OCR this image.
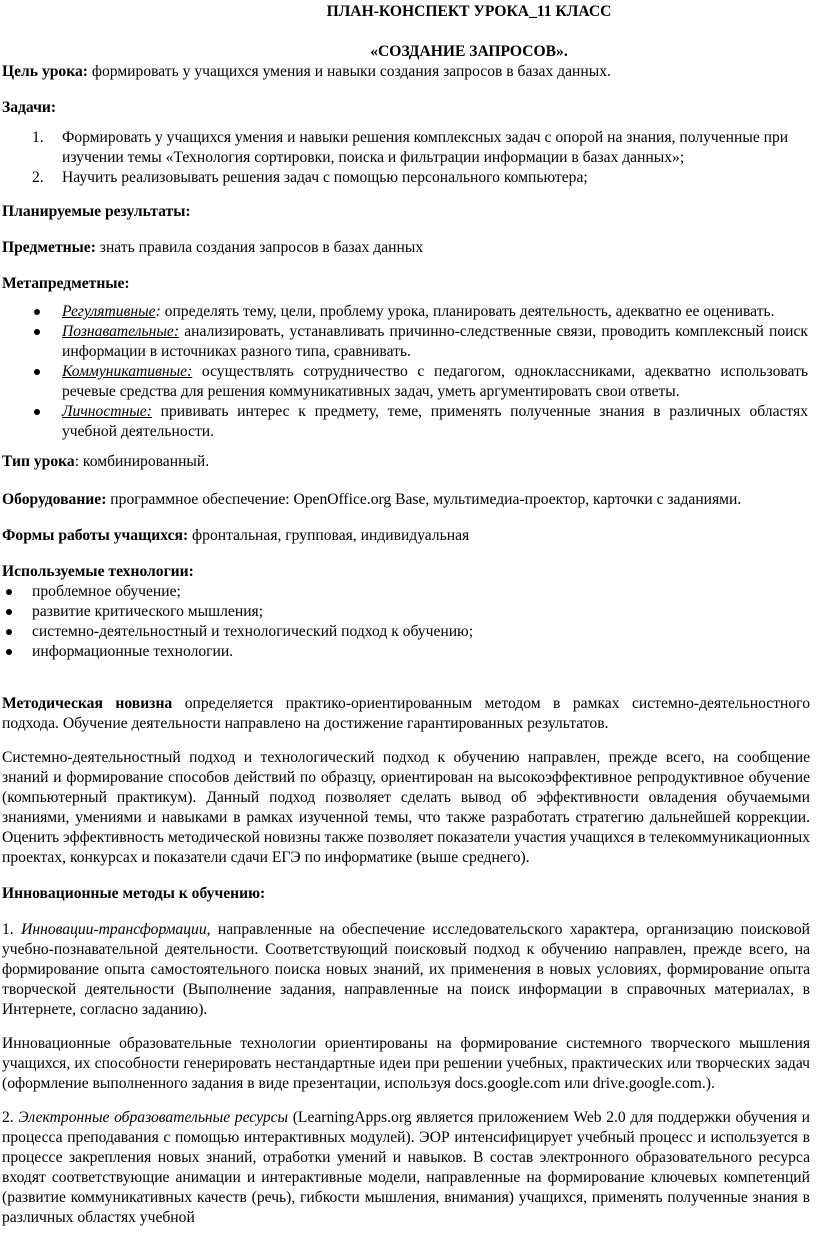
ПЛАН-КОНСПЕКТ УРОКА_11 КЛАСС

«СОЗДАНИЕ ЗАПРОСОВ».

Цель урока: формировать у учащихся умения и навыки создания запросов в базах данных.

Задачи:

1. Формировать у учащихся умения и навыки решения комплексных задач с опорой на знания, полученные при изучении темы «Технология сортировки, поиска и фильтрации информации в базах данных»;
2. Научить реализовывать решения задач с помощью персонального компьютера;

Планируемые результаты:

Предметные: знать правила создания запросов в базах данных

Метапредметные:

Регулятивные: определять тему, цели, проблему урока, планировать деятельность, адекватно ее оценивать.
Познавательные: анализировать, устанавливать причинно-следственные связи, проводить комплексный поиск информации в источниках разного типа, сравнивать.
Коммуникативные: осуществлять сотрудничество с педагогом, одноклассниками, адекватно использовать речевые средства для решения коммуникативных задач, уметь аргументировать свои ответы.
Личностные: прививать интерес к предмету, теме, применять полученные знания в различных областях учебной деятельности.

Тип урока: комбинированный.

Оборудование: программное обеспечение: OpenOffice.org Base, мультимедиа-проектор, карточки с заданиями.

Формы работы учащихся: фронтальная, групповая, индивидуальная

Используемые технологии:

проблемное обучение;
развитие критического мышления;
системно-деятельностный и технологический подход к обучению;
информационные технологии.

Методическая новизна определяется практико-ориентированным методом в рамках системно-деятельностного подхода. Обучение деятельности направлено на достижение гарантированных результатов.

Системно-деятельностный подход и технологический подход к обучению направлен, прежде всего, на сообщение знаний и формирование способов действий по образцу, ориентирован на высокоэффективное репродуктивное обучение (компьютерный практикум). Данный подход позволяет сделать вывод об эффективности овладения обучаемыми знаниями, умениями и навыками в рамках изученной темы, что также разработать стратегию дальнейшей коррекции. Оценить эффективность методической новизны также позволяет показатели участия учащихся в телекоммуникационных проектах, конкурсах и показатели сдачи ЕГЭ по информатике (выше среднего).

Инновационные методы к обучению:

1. Инновации-трансформации, направленные на обеспечение исследовательского характера, организацию поисковой учебно-познавательной деятельности. Соответствующий поисковый подход к обучению направлен, прежде всего, на формирование опыта самостоятельного поиска новых знаний, их применения в новых условиях, формирование опыта творческой деятельности (Выполнение задания, направленные на поиск информации в справочных материалах, в Интернете, согласно заданию).

Инновационные образовательные технологии ориентированы на формирование системного творческого мышления учащихся, их способности генерировать нестандартные идеи при решении учебных, практических или творческих задач (оформление выполненного задания в виде презентации, используя docs.google.com или drive.google.com.).

2. Электронные образовательные ресурсы (LearningApps.org является приложением Web 2.0 для поддержки обучения и процесса преподавания с помощью интерактивных модулей). ЭОР интенсифицирует учебный процесс и используется в процессе закрепления новых знаний, отработки умений и навыков. В состав электронного образовательного ресурса входят соответствующие анимации и интерактивные модели, направленные на формирование ключевых компетенций (развитие коммуникативных качеств (речь), гибкости мышления, внимания) учащихся, применять полученные знания в различных областях учебной
